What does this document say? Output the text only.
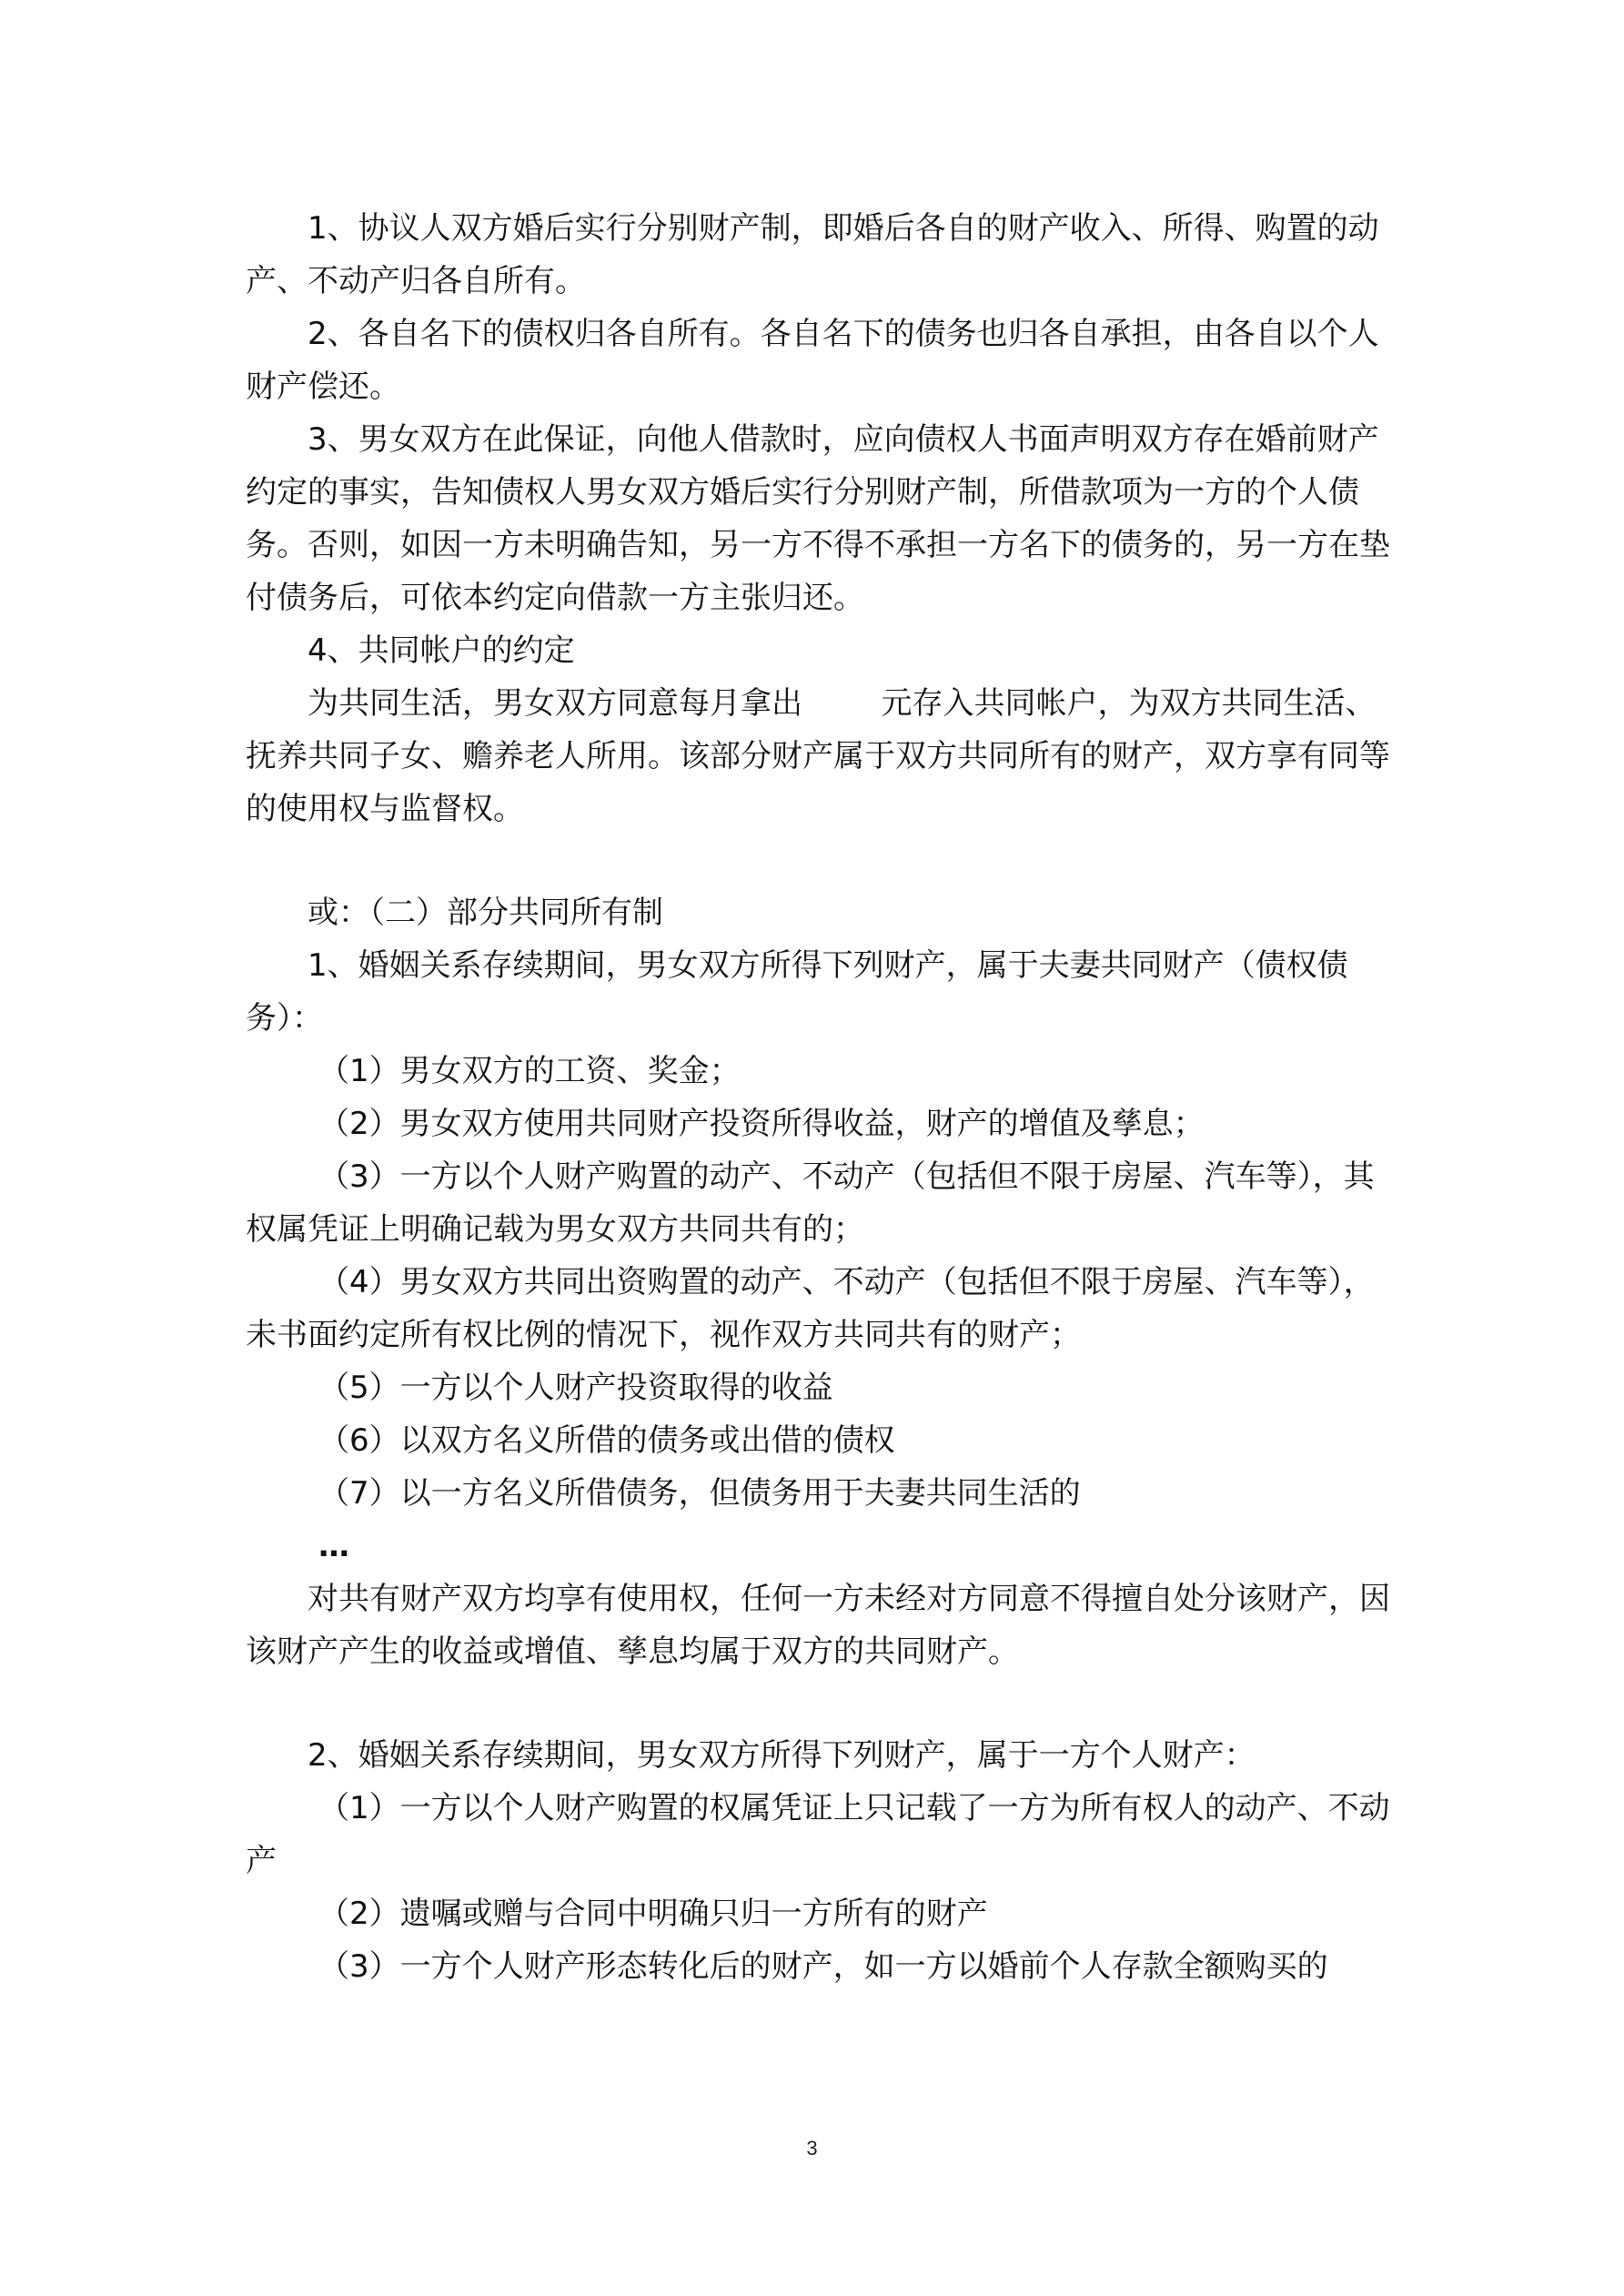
1、协议人双方婚后实行分别财产制，即婚后各自的财产收入、所得、购置的动产、不动产归各自所有。

2、各自名下的债权归各自所有。各自名下的债务也归各自承担，由各自以个人财产偿还。

3、男女双方在此保证，向他人借款时，应向债权人书面声明双方存在婚前财产约定的事实，告知债权人男女双方婚后实行分别财产制，所借款项为一方的个人债务。否则，如因一方未明确告知，另一方不得不承担一方名下的债务的，另一方在垫付债务后，可依本约定向借款一方主张归还。

4、共同帐户的约定

为共同生活，男女双方同意每月拿出        元存入共同帐户，为双方共同生活、抚养共同子女、赡养老人所用。该部分财产属于双方共同所有的财产，双方享有同等的使用权与监督权。

或：（二）部分共同所有制

1、婚姻关系存续期间，男女双方所得下列财产，属于夫妻共同财产（债权债务）：

（1）男女双方的工资、奖金；

（2）男女双方使用共同财产投资所得收益，财产的增值及孳息；

（3）一方以个人财产购置的动产、不动产（包括但不限于房屋、汽车等），其权属凭证上明确记载为男女双方共同共有的；

（4）男女双方共同出资购置的动产、不动产（包括但不限于房屋、汽车等），未书面约定所有权比例的情况下，视作双方共同共有的财产；

（5）一方以个人财产投资取得的收益

（6）以双方名义所借的债务或出借的债权

（7）以一方名义所借债务，但债务用于夫妻共同生活的

…

对共有财产双方均享有使用权，任何一方未经对方同意不得擅自处分该财产，因该财产产生的收益或增值、孳息均属于双方的共同财产。

2、婚姻关系存续期间，男女双方所得下列财产，属于一方个人财产：

（1）一方以个人财产购置的权属凭证上只记载了一方为所有权人的动产、不动产

（2）遗嘱或赠与合同中明确只归一方所有的财产

（3）一方个人财产形态转化后的财产，如一方以婚前个人存款全额购买的

3
